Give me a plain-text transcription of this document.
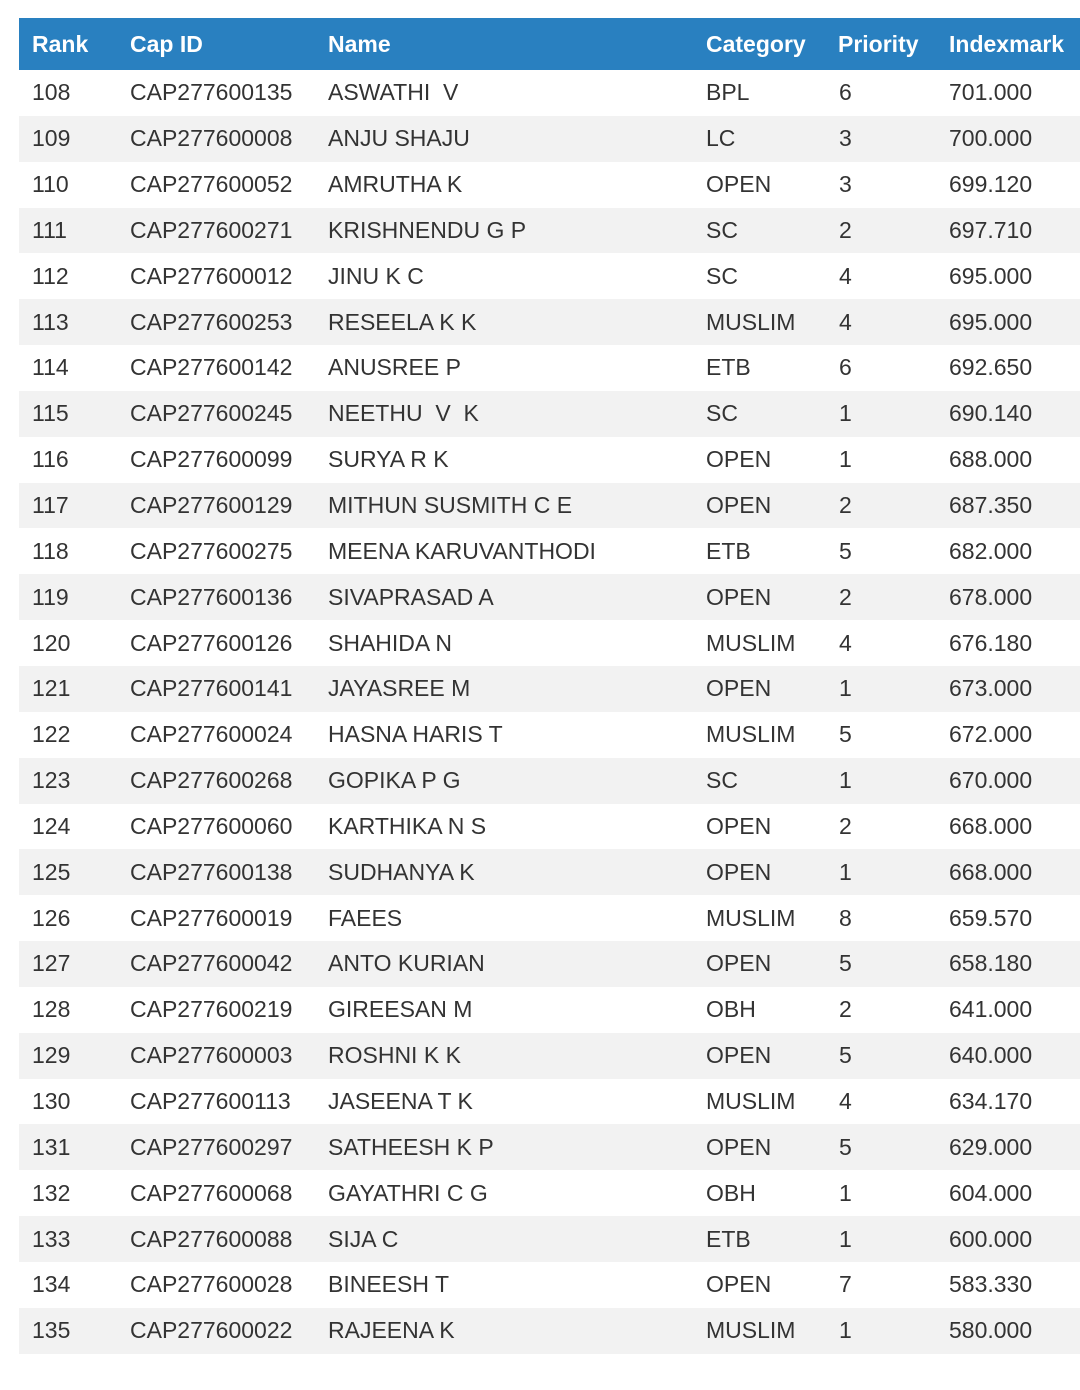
Rank	Cap ID	Name	Category	Priority	Indexmark
108	CAP277600135	ASWATHI  V	BPL	6	701.000
109	CAP277600008	ANJU SHAJU	LC	3	700.000
110	CAP277600052	AMRUTHA K	OPEN	3	699.120
111	CAP277600271	KRISHNENDU G P	SC	2	697.710
112	CAP277600012	JINU K C	SC	4	695.000
113	CAP277600253	RESEELA K K	MUSLIM	4	695.000
114	CAP277600142	ANUSREE P	ETB	6	692.650
115	CAP277600245	NEETHU  V  K	SC	1	690.140
116	CAP277600099	SURYA R K	OPEN	1	688.000
117	CAP277600129	MITHUN SUSMITH C E	OPEN	2	687.350
118	CAP277600275	MEENA KARUVANTHODI	ETB	5	682.000
119	CAP277600136	SIVAPRASAD A	OPEN	2	678.000
120	CAP277600126	SHAHIDA N	MUSLIM	4	676.180
121	CAP277600141	JAYASREE M	OPEN	1	673.000
122	CAP277600024	HASNA HARIS T	MUSLIM	5	672.000
123	CAP277600268	GOPIKA P G	SC	1	670.000
124	CAP277600060	KARTHIKA N S	OPEN	2	668.000
125	CAP277600138	SUDHANYA K	OPEN	1	668.000
126	CAP277600019	FAEES	MUSLIM	8	659.570
127	CAP277600042	ANTO KURIAN	OPEN	5	658.180
128	CAP277600219	GIREESAN M	OBH	2	641.000
129	CAP277600003	ROSHNI K K	OPEN	5	640.000
130	CAP277600113	JASEENA T K	MUSLIM	4	634.170
131	CAP277600297	SATHEESH K P	OPEN	5	629.000
132	CAP277600068	GAYATHRI C G	OBH	1	604.000
133	CAP277600088	SIJA C	ETB	1	600.000
134	CAP277600028	BINEESH T	OPEN	7	583.330
135	CAP277600022	RAJEENA K	MUSLIM	1	580.000
